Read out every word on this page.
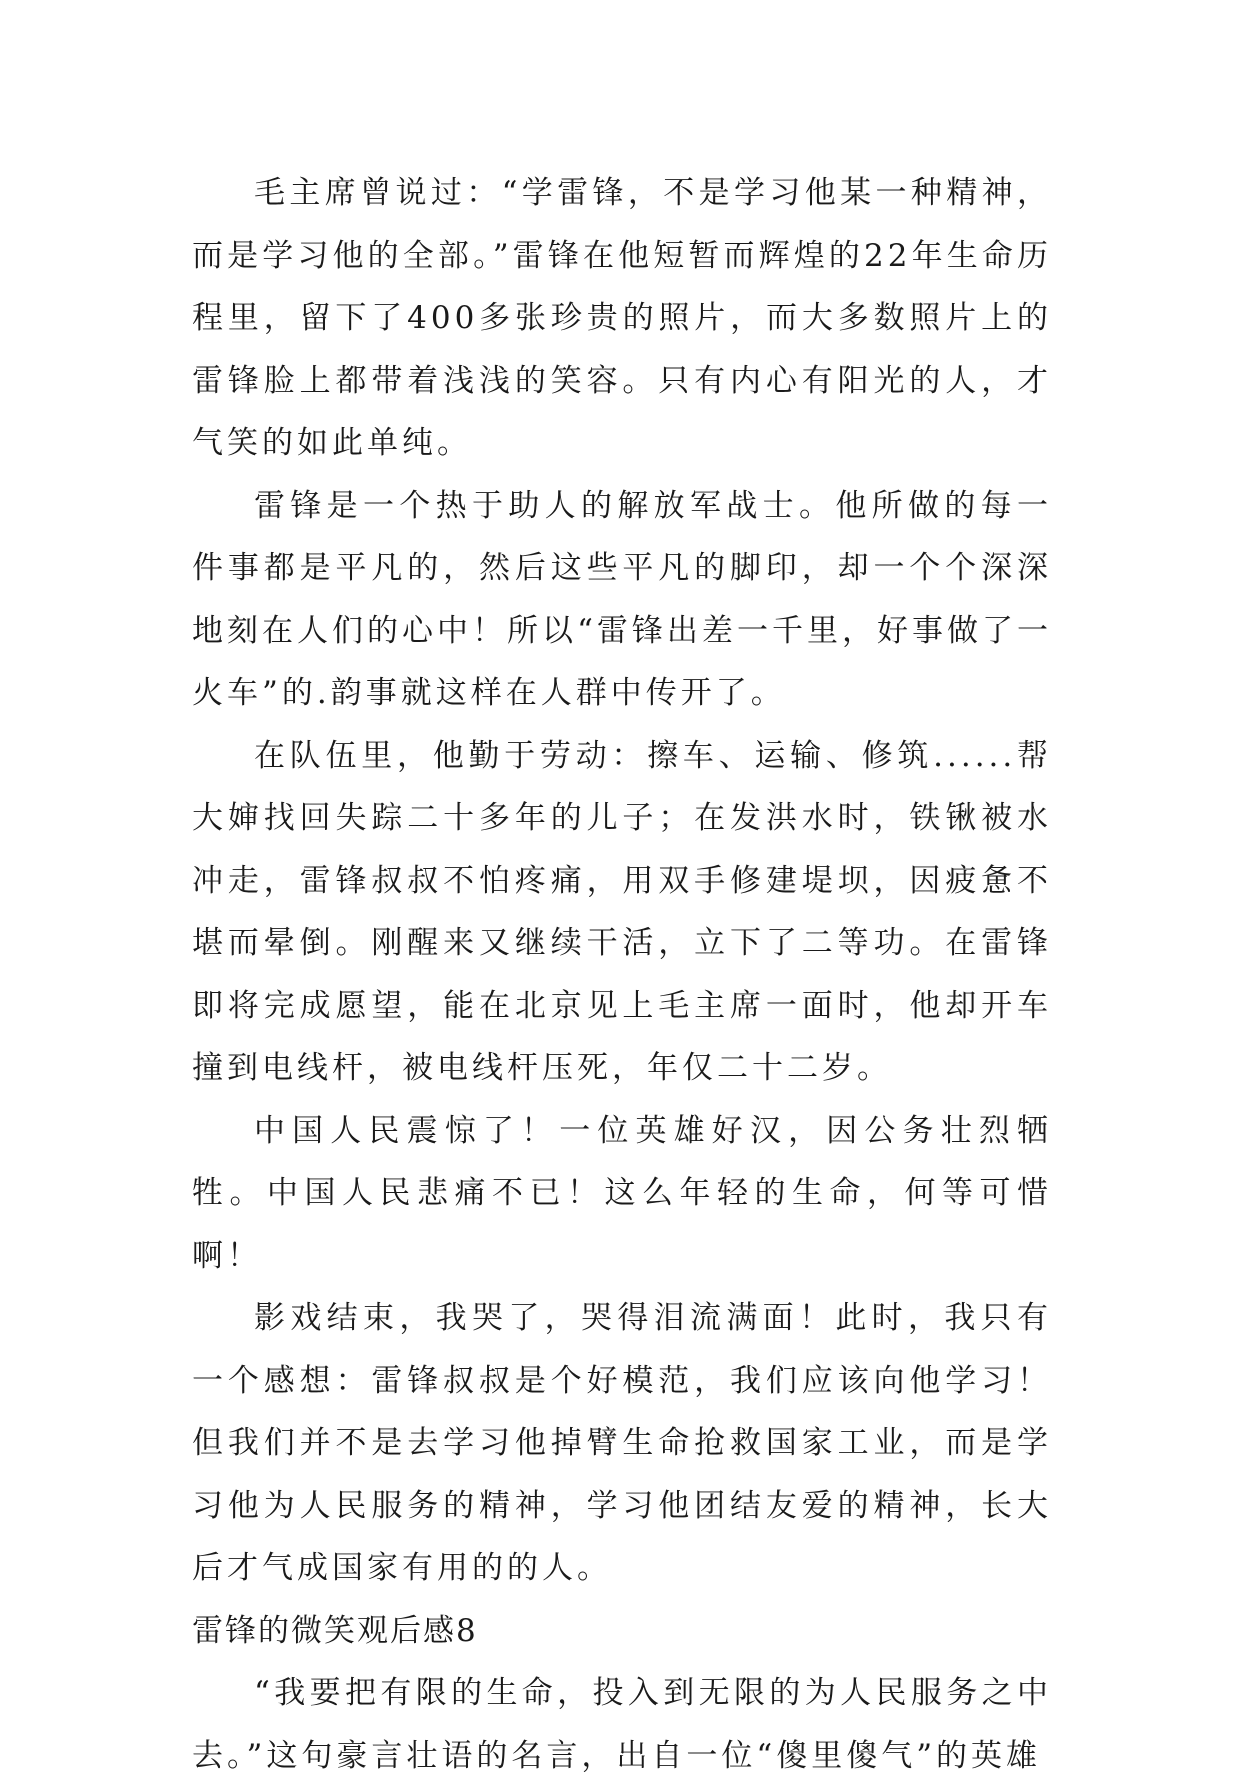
毛主席曾说过：“学雷锋，不是学习他某一种精神，而是学习他的全部。”雷锋在他短暂而辉煌的22年生命历程里，留下了400多张珍贵的照片，而大多数照片上的雷锋脸上都带着浅浅的笑容。只有内心有阳光的人，才气笑的如此单纯。

雷锋是一个热于助人的解放军战士。他所做的每一件事都是平凡的，然后这些平凡的脚印，却一个个深深地刻在人们的心中！所以“雷锋出差一千里，好事做了一火车”的.韵事就这样在人群中传开了。

在队伍里，他勤于劳动：擦车、运输、修筑......帮大婶找回失踪二十多年的儿子；在发洪水时，铁锹被水冲走，雷锋叔叔不怕疼痛，用双手修建堤坝，因疲惫不堪而晕倒。刚醒来又继续干活，立下了二等功。在雷锋即将完成愿望，能在北京见上毛主席一面时，他却开车撞到电线杆，被电线杆压死，年仅二十二岁。

中国人民震惊了！一位英雄好汉，因公务壮烈牺牲。中国人民悲痛不已！这么年轻的生命，何等可惜啊！

影戏结束，我哭了，哭得泪流满面！此时，我只有一个感想：雷锋叔叔是个好模范，我们应该向他学习！但我们并不是去学习他掉臂生命抢救国家工业，而是学习他为人民服务的精神，学习他团结友爱的精神，长大后才气成国家有用的的人。

雷锋的微笑观后感8

“我要把有限的生命，投入到无限的为人民服务之中去。”这句豪言壮语的名言，出自一位“傻里傻气”的英雄
